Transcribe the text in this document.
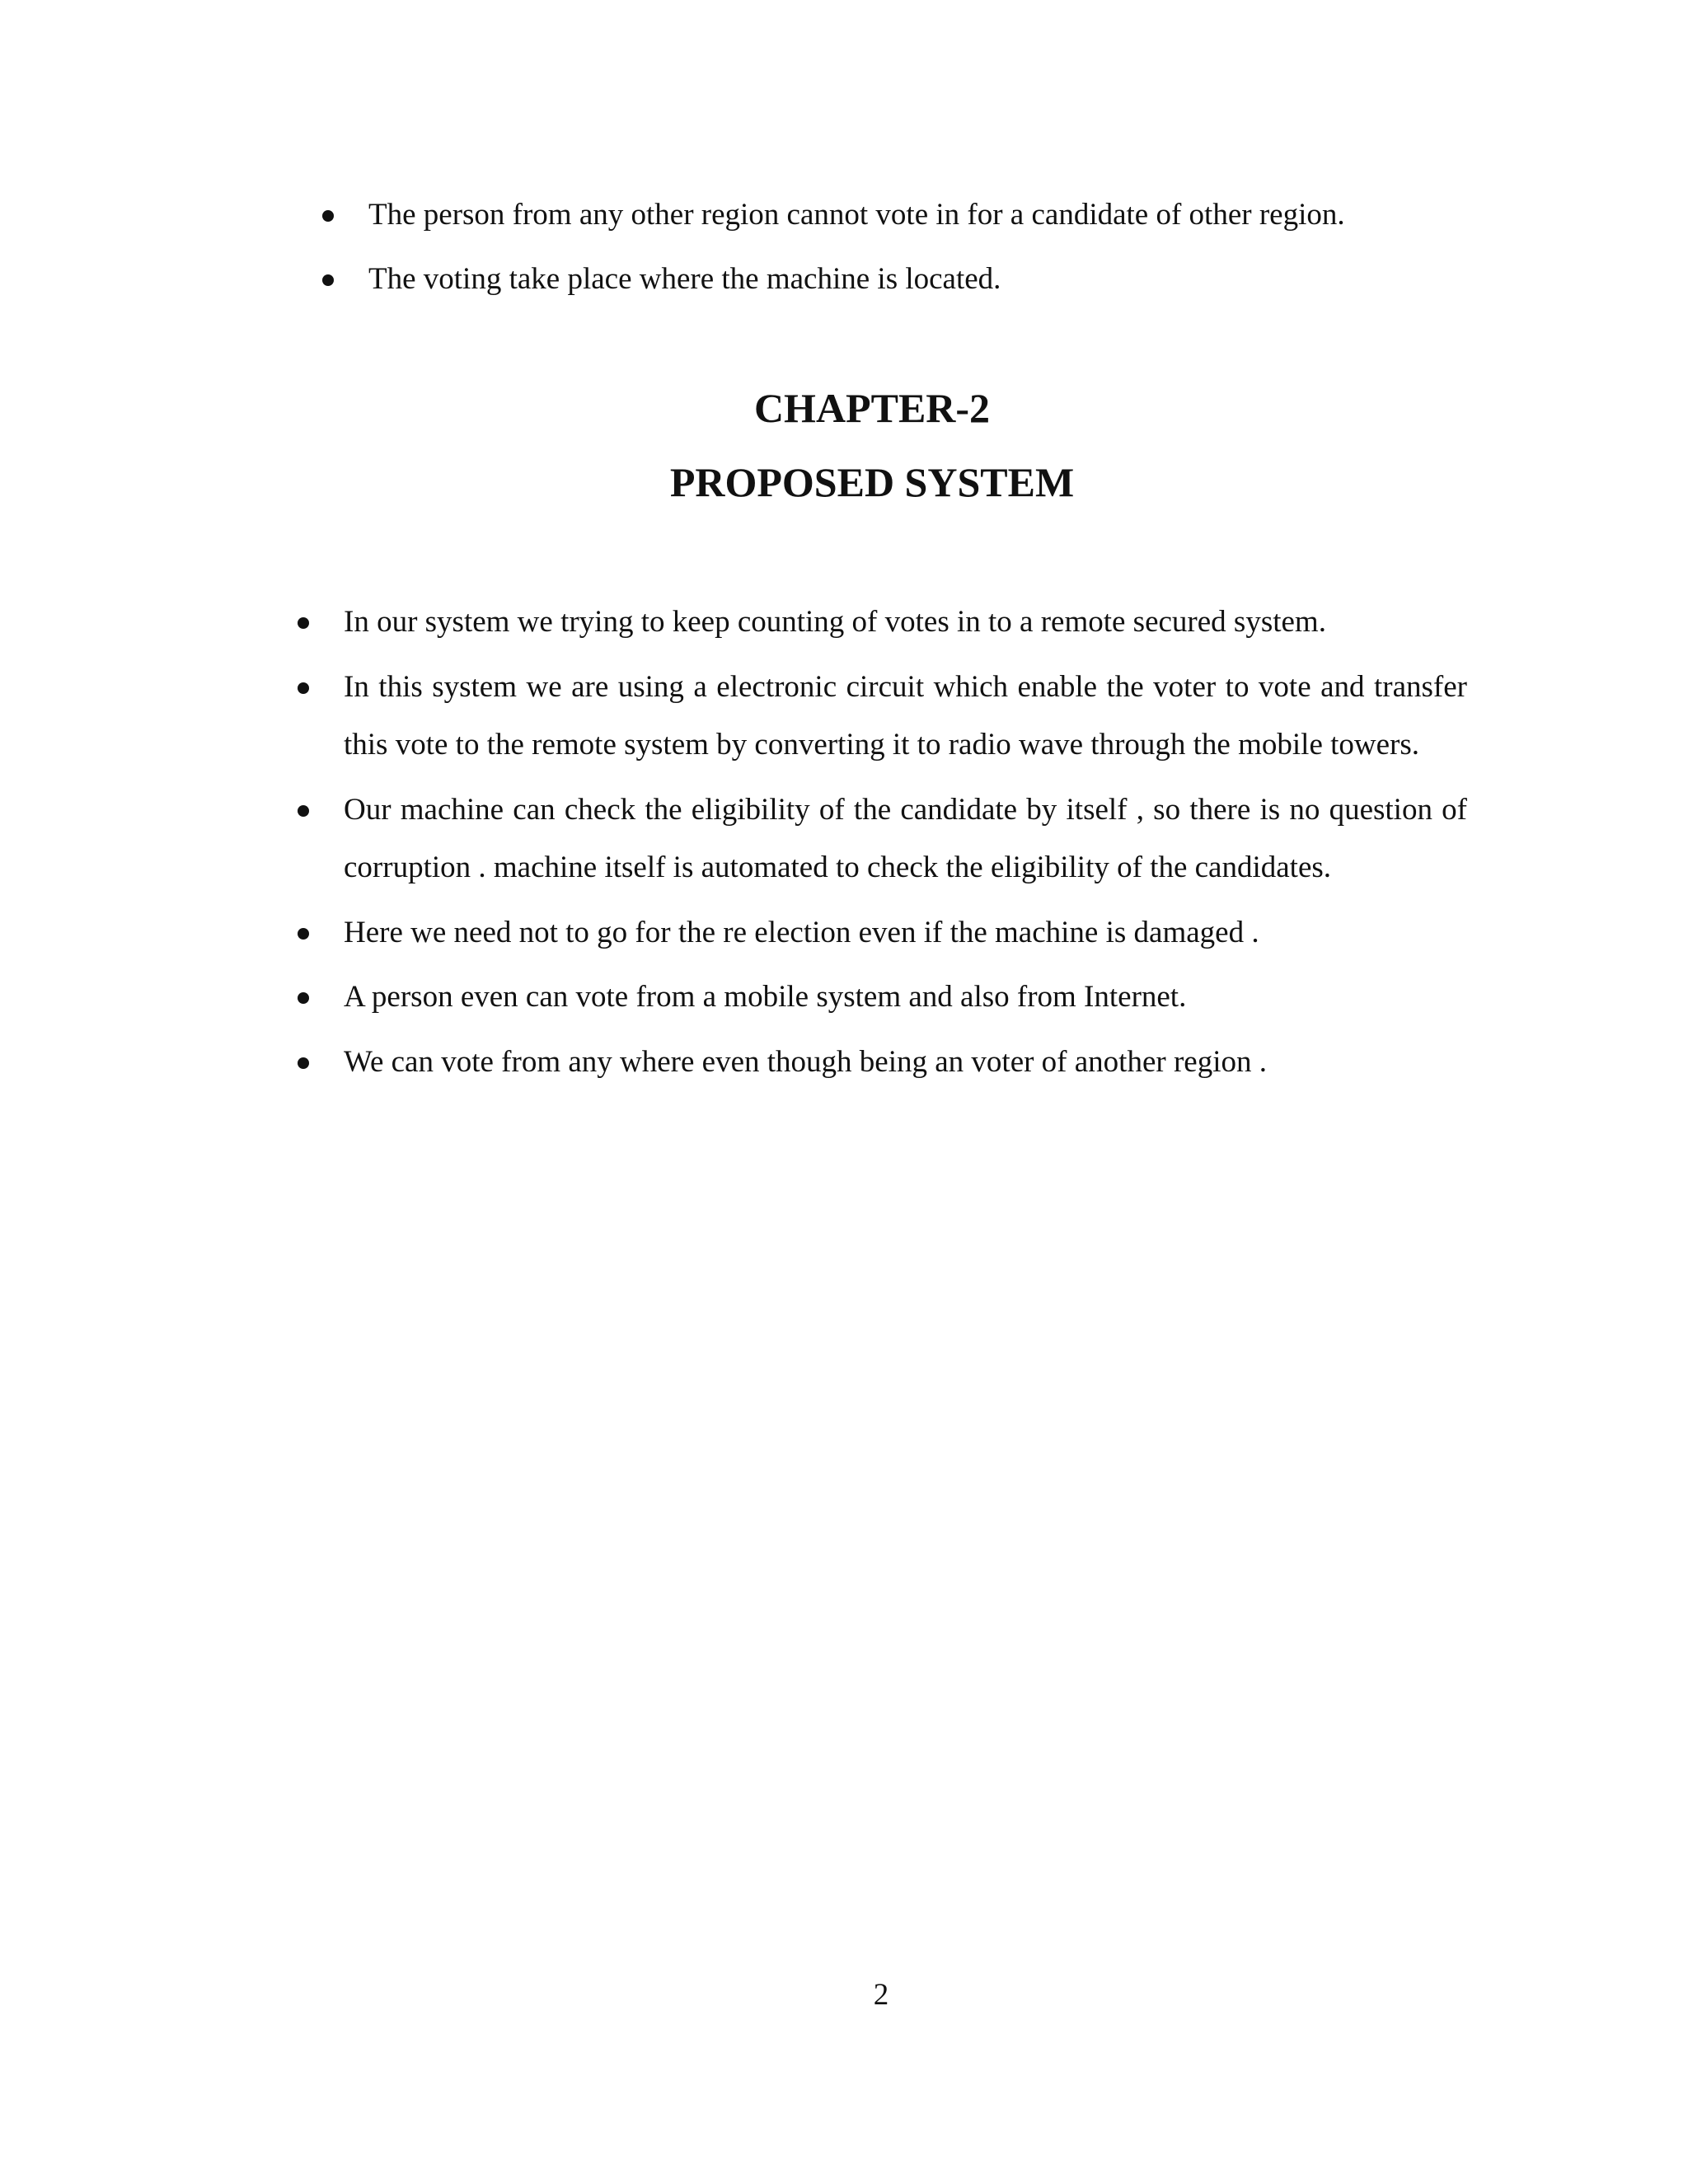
The person from any other region cannot vote in for a candidate of other region.
The voting take place where the machine is located.
CHAPTER-2
PROPOSED SYSTEM
In our system we trying to keep counting of votes in to a remote secured system.
In this system we are using a electronic circuit which enable the voter to vote and transfer this vote to the remote system by converting it to radio wave through the mobile towers.
Our machine can check the eligibility of the candidate by itself , so there is no question of corruption . machine itself is automated to check the eligibility of the candidates.
Here we need not to go for the re election even if the machine is damaged .
A person even can vote from a mobile system and also from Internet.
We can vote from any where even though being an voter of another region .
2
